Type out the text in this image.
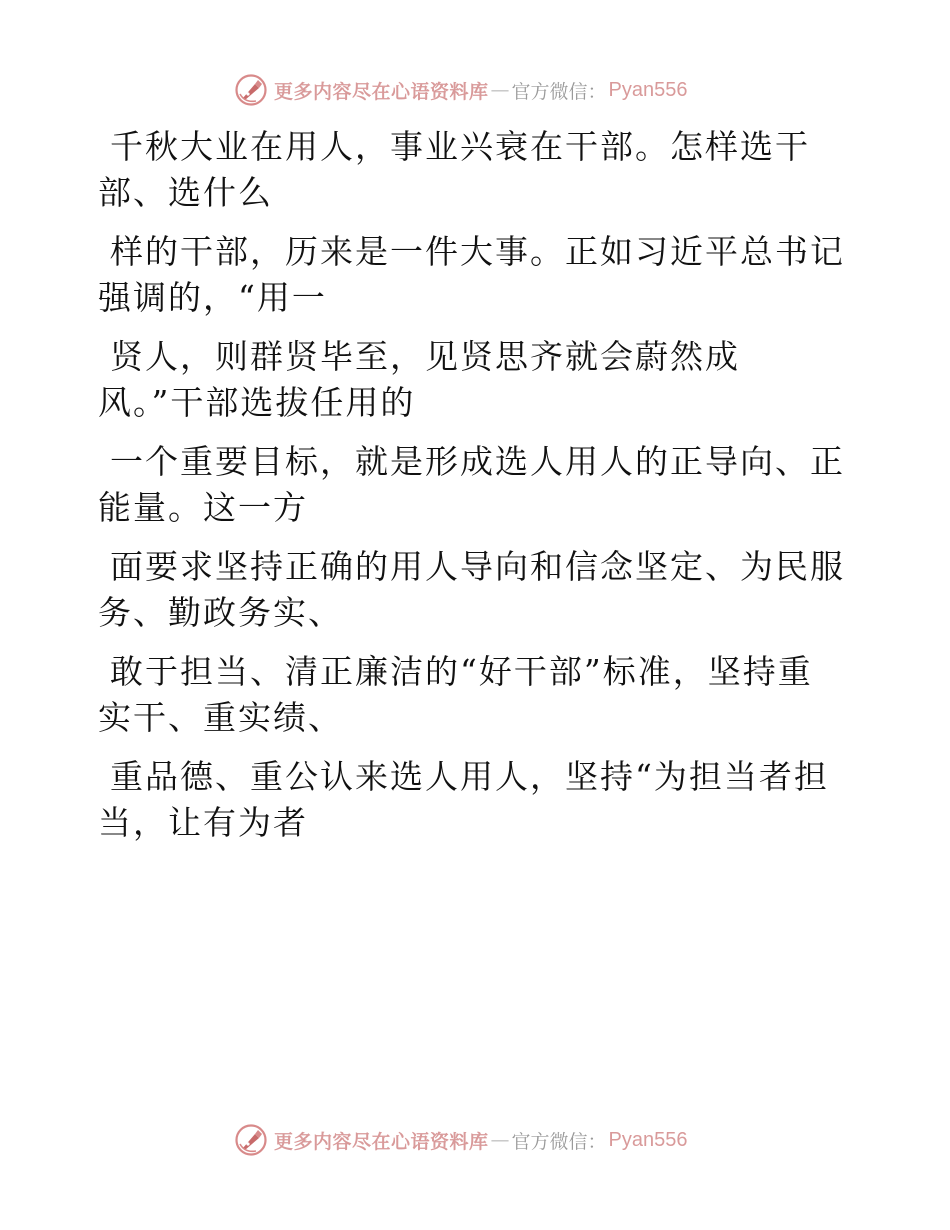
更多内容尽在心语资料库 — 官方微信： Pyan556
千秋大业在用人，事业兴衰在干部。怎样选干
部、选什么
样的干部，历来是一件大事。正如习近平总书记
强调的，“用一
贤人，则群贤毕至，见贤思齐就会蔚然成
风。”干部选拔任用的
一个重要目标，就是形成选人用人的正导向、正
能量。这一方
面要求坚持正确的用人导向和信念坚定、为民服
务、勤政务实、
敢于担当、清正廉洁的“好干部”标准，坚持重
实干、重实绩、
重品德、重公认来选人用人，坚持“为担当者担
当，让有为者
更多内容尽在心语资料库 — 官方微信： Pyan556
